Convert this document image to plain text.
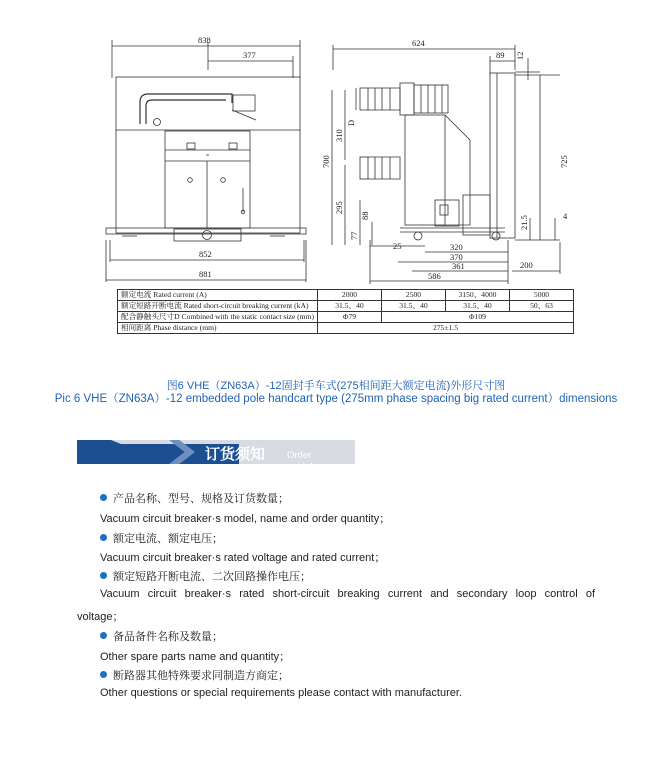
838
377
852
881
624
89 12
725
700
310
D
295
88
77
21.5	4
25	320
370
361
586
200
额定电流 Rated current (A)	2000	2500	3150、4000	5000
额定短路开断电流 Rated short-circuit breaking current (kA)	31.5、40	31.5、40	31.5、40	50、63
配合静触头尺寸D Combined with the static contact size (mm)	Φ79	Φ109		
相间距离 Phase distance (mm)	275±1.5			
图6 VHE（ZN63A）-12固封手车式(275相间距大额定电流)外形尺寸图
Pic 6 VHE（ZN63A）-12 embedded pole handcart type (275mm phase spacing big rated current）dimensions
订货须知 Order guidelines
产品名称、型号、规格及订货数量；
Vacuum circuit breaker·s model, name and order quantity；
额定电流、额定电压；
Vacuum circuit breaker·s rated voltage and rated current；
额定短路开断电流、二次回路操作电压；
Vacuum circuit breaker·s rated short-circuit breaking current and secondary loop control of
voltage；
备品备件名称及数量；
Other spare parts name and quantity；
断路器其他特殊要求同制造方商定；
Other questions or special requirements please contact with manufacturer.
